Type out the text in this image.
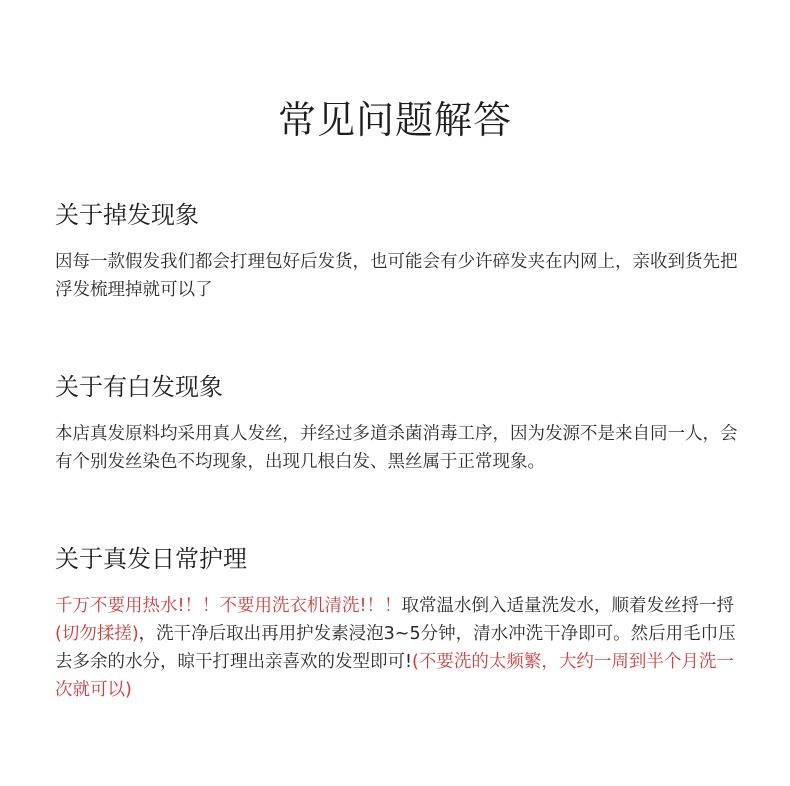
常见问题解答
关于掉发现象

因每一款假发我们都会打理包好后发货，也可能会有少许碎发夹在内网上，亲收到货先把浮发梳理掉就可以了

关于有白发现象

本店真发原料均采用真人发丝，并经过多道杀菌消毒工序，因为发源不是来自同一人，会有个别发丝染色不均现象，出现几根白发、黑丝属于正常现象。

关于真发日常护理

千万不要用热水!！！不要用洗衣机清洗!！！取常温水倒入适量洗发水，顺着发丝捋一捋(切勿揉搓)，洗干净后取出再用护发素浸泡3~5分钟，清水冲洗干净即可。然后用毛巾压去多余的水分，晾干打理出亲喜欢的发型即可!(不要洗的太频繁，大约一周到半个月洗一次就可以)
